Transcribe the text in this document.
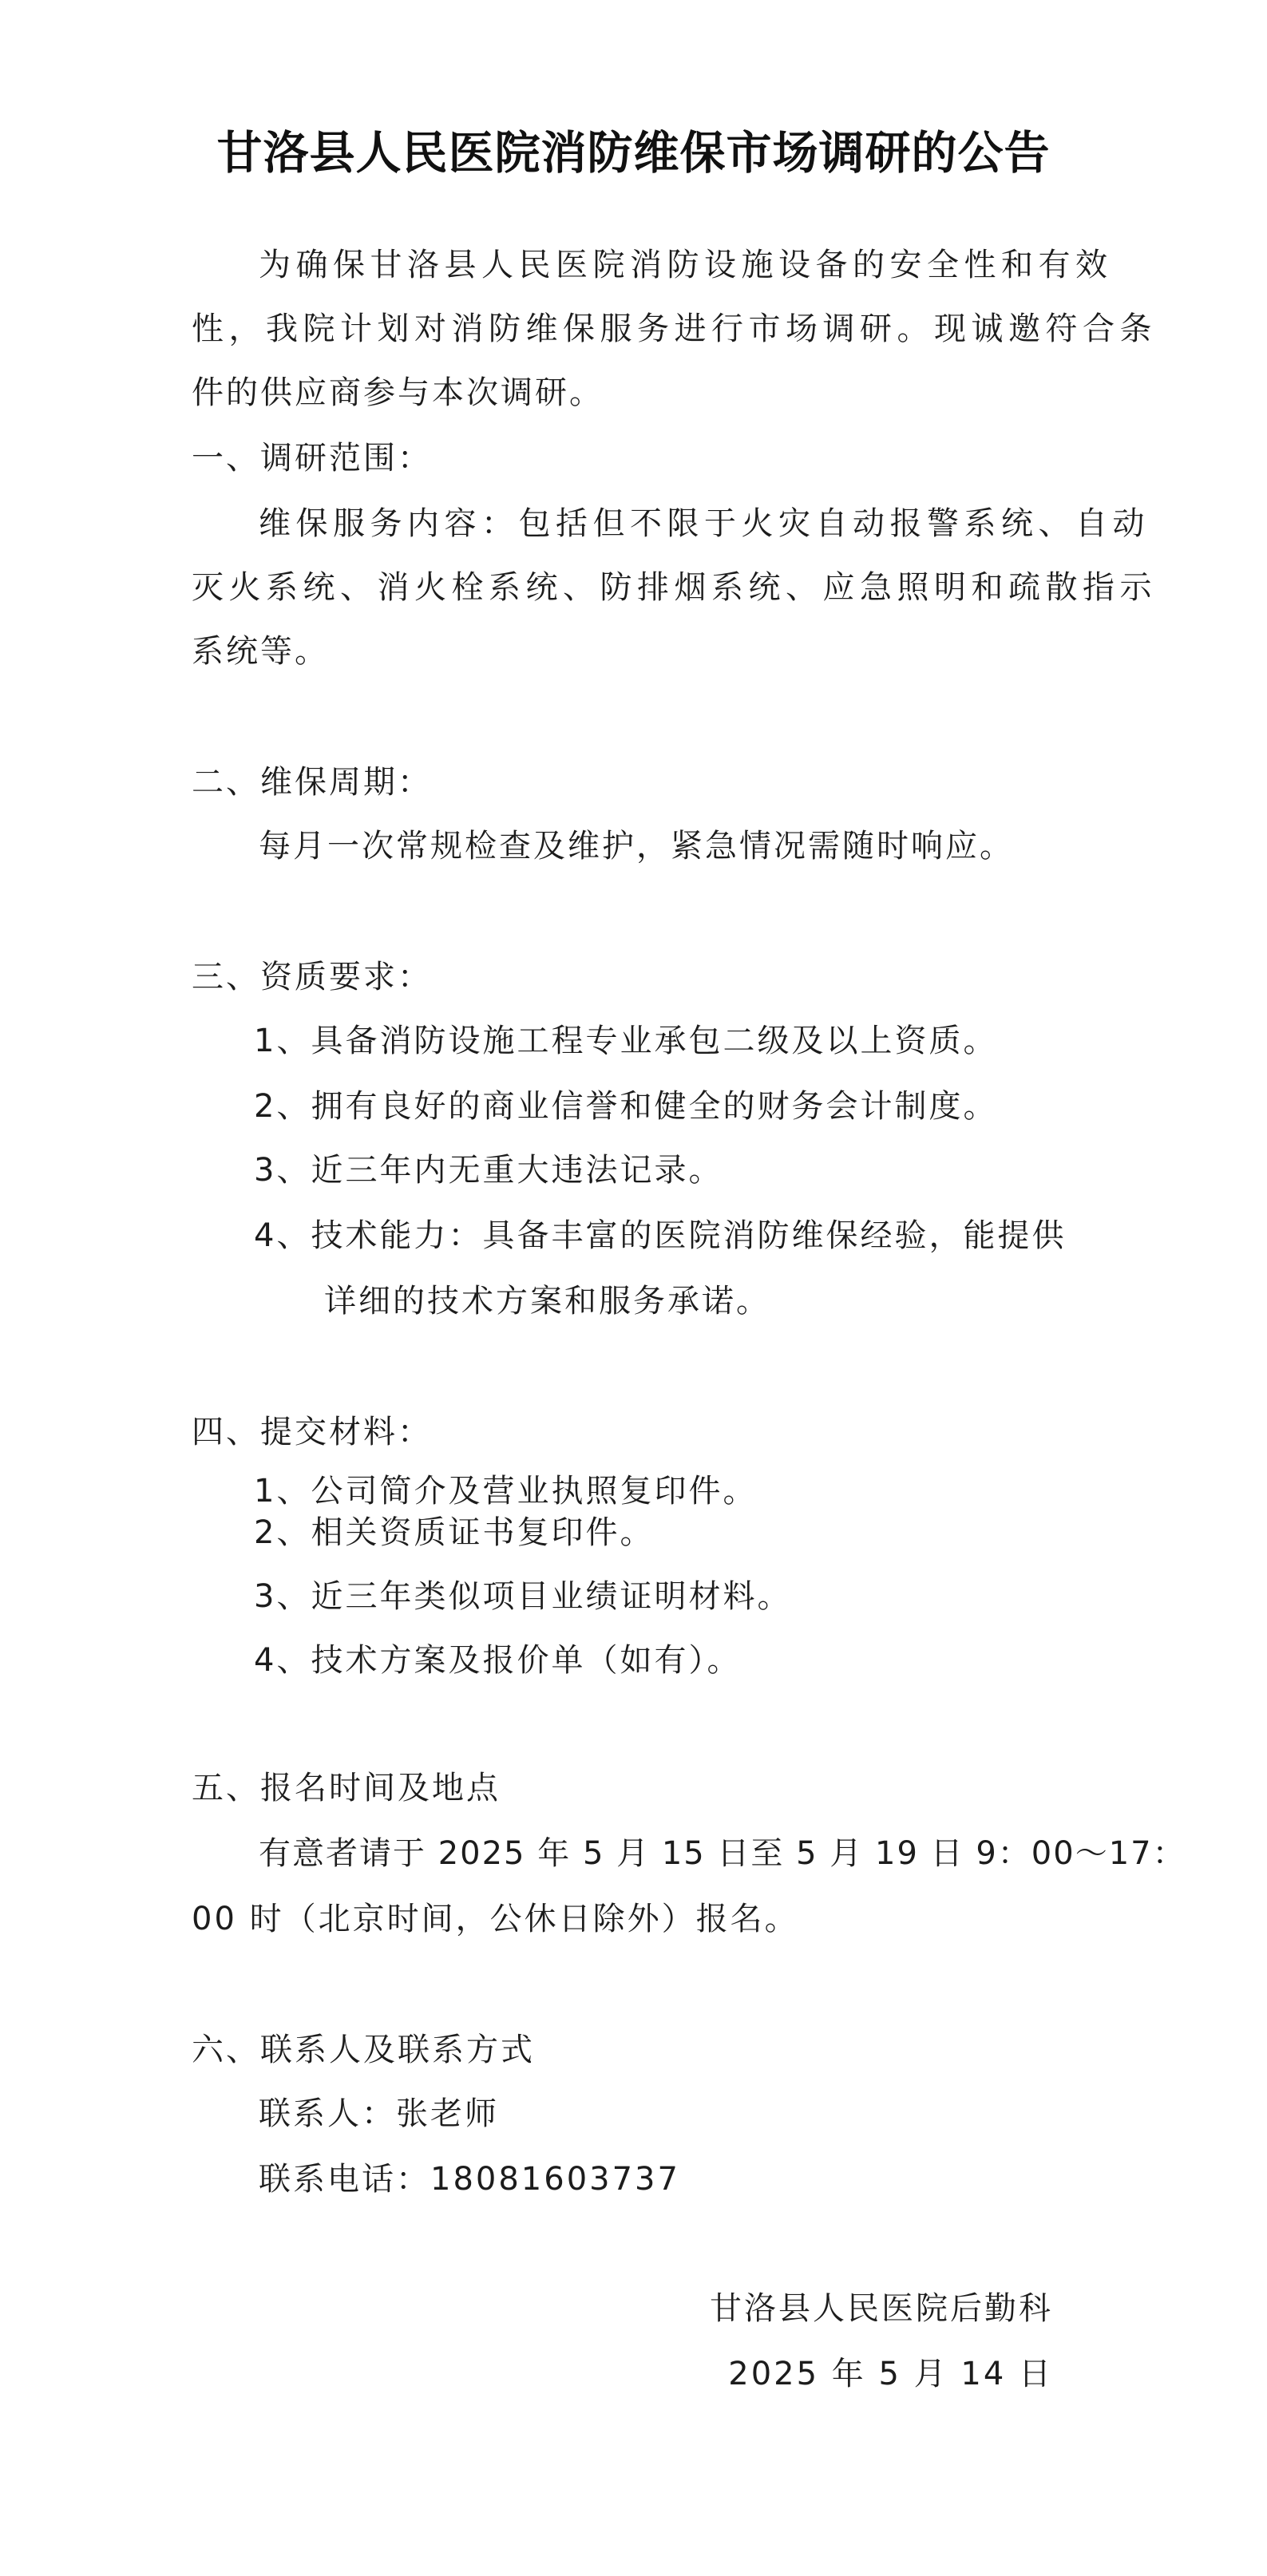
甘洛县人民医院消防维保市场调研的公告

为确保甘洛县人民医院消防设施设备的安全性和有效

性，我院计划对消防维保服务进行市场调研。现诚邀符合条

件的供应商参与本次调研。

一、调研范围：

维保服务内容：包括但不限于火灾自动报警系统、自动

灭火系统、消火栓系统、防排烟系统、应急照明和疏散指示

系统等。

二、维保周期：

每月一次常规检查及维护，紧急情况需随时响应。

三、资质要求：

1、具备消防设施工程专业承包二级及以上资质。

2、拥有良好的商业信誉和健全的财务会计制度。

3、近三年内无重大违法记录。

4、技术能力：具备丰富的医院消防维保经验，能提供

详细的技术方案和服务承诺。

四、提交材料：

1、公司简介及营业执照复印件。

2、相关资质证书复印件。

3、近三年类似项目业绩证明材料。

4、技术方案及报价单（如有）。

五、报名时间及地点

有意者请于 2025 年 5 月 15 日至 5 月 19 日 9：00～17：

00 时（北京时间，公休日除外）报名。

六、联系人及联系方式

联系人：张老师

联系电话：18081603737

甘洛县人民医院后勤科

2025 年 5 月 14 日
